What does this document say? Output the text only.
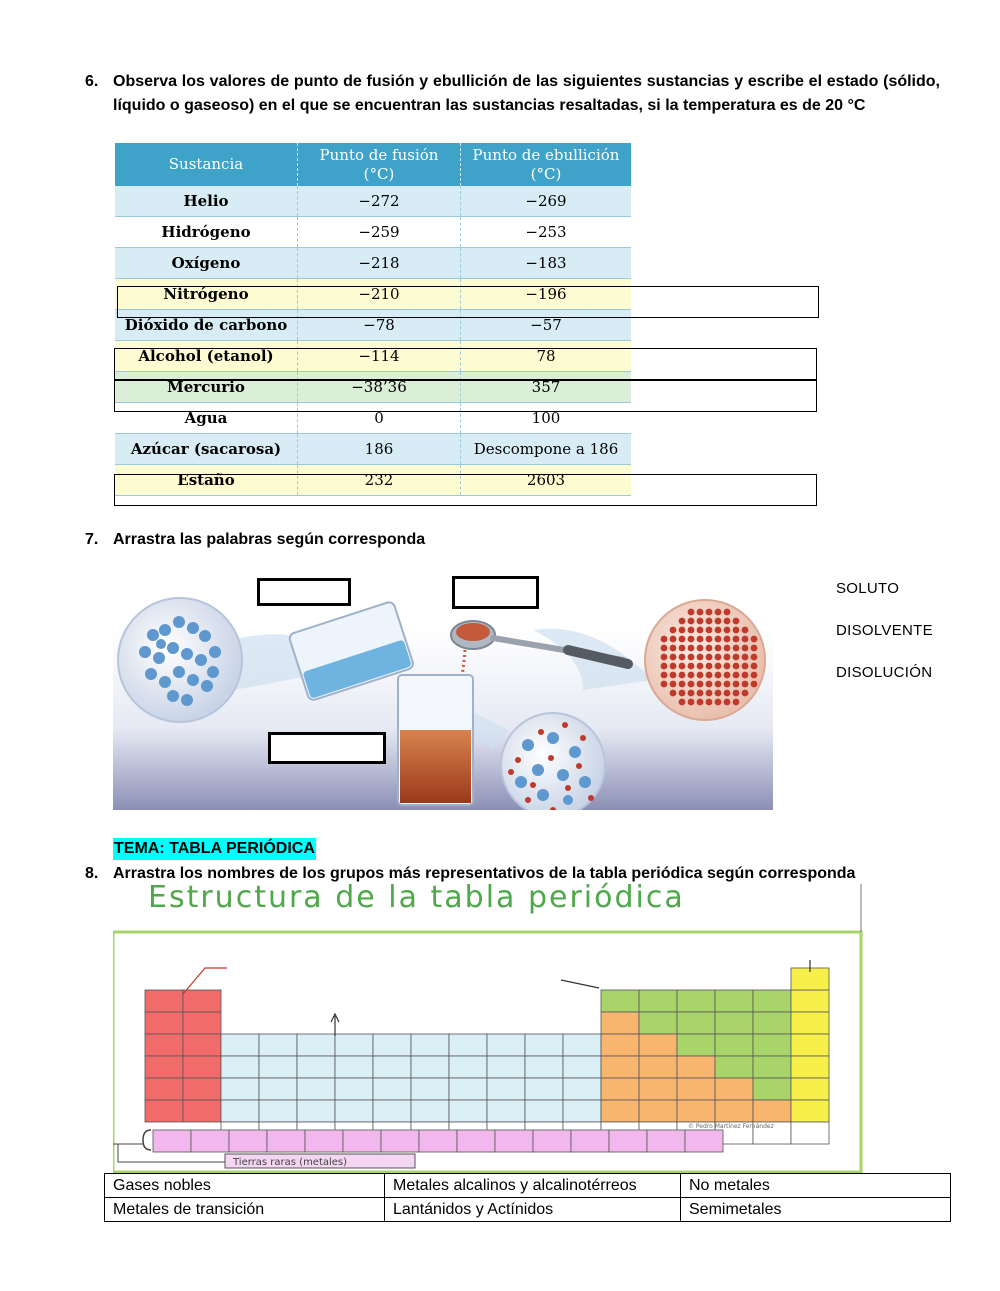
6. Observa los valores de punto de fusión y ebullición de las siguientes sustancias y escribe el estado (sólido, líquido o gaseoso) en el que se encuentran las sustancias resaltadas, si la temperatura es de 20 °C
Sustancia	Punto de fusión (°C)	Punto de ebullición (°C)
Helio	−272	−269
Hidrógeno	−259	−253
Oxígeno	−218	−183
Nitrógeno	−210	−196
Dióxido de carbono	−78	−57
Alcohol (etanol)	−114	78
Mercurio	−38’36	357
Agua	0	100
Azúcar (sacarosa)	186	Descompone a 186
Estaño	232	2603
7. Arrastra las palabras según corresponda
SOLUTO
DISOLVENTE
DISOLUCIÓN
TEMA: TABLA PERIÓDICA
8. Arrastra los nombres de los grupos más representativos de la tabla periódica según corresponda
Tierras raras (metales)
© Pedro Martínez Fernández
Estructura de la tabla periódica
Gases nobles	Metales alcalinos y alcalinotérreos	No metales
Metales de transición	Lantánidos y Actínidos	Semimetales
